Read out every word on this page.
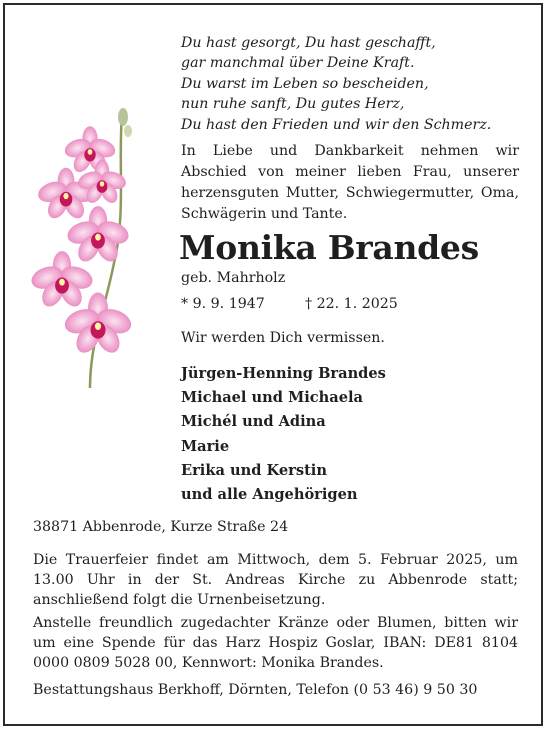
Du hast gesorgt, Du hast geschafft,
gar manchmal über Deine Kraft.
Du warst im Leben so bescheiden,
nun ruhe sanft, Du gutes Herz,
Du hast den Frieden und wir den Schmerz.
In Liebe und Dankbarkeit nehmen wir Abschied von meiner lieben Frau, unserer herzensguten Mutter, Schwiegermutter, Oma, Schwägerin und Tante.
Monika Brandes
geb. Mahrholz
* 9. 9. 1947	† 22. 1. 2025
Wir werden Dich vermissen.
Jürgen-Henning Brandes
Michael und Michaela
Michél und Adina
Marie
Erika und Kerstin
und alle Angehörigen
38871 Abbenrode, Kurze Straße 24
Die Trauerfeier findet am Mittwoch, dem 5. Februar 2025, um 13.00 Uhr in der St. Andreas Kirche zu Abbenrode statt; anschließend folgt die Urnenbeisetzung.
Anstelle freundlich zugedachter Kränze oder Blumen, bitten wir um eine Spende für das Harz Hospiz Goslar, IBAN: DE81 8104 0000 0809 5028 00, Kennwort: Monika Brandes.
Bestattungshaus Berkhoff, Dörnten, Telefon (0 53 46) 9 50 30
